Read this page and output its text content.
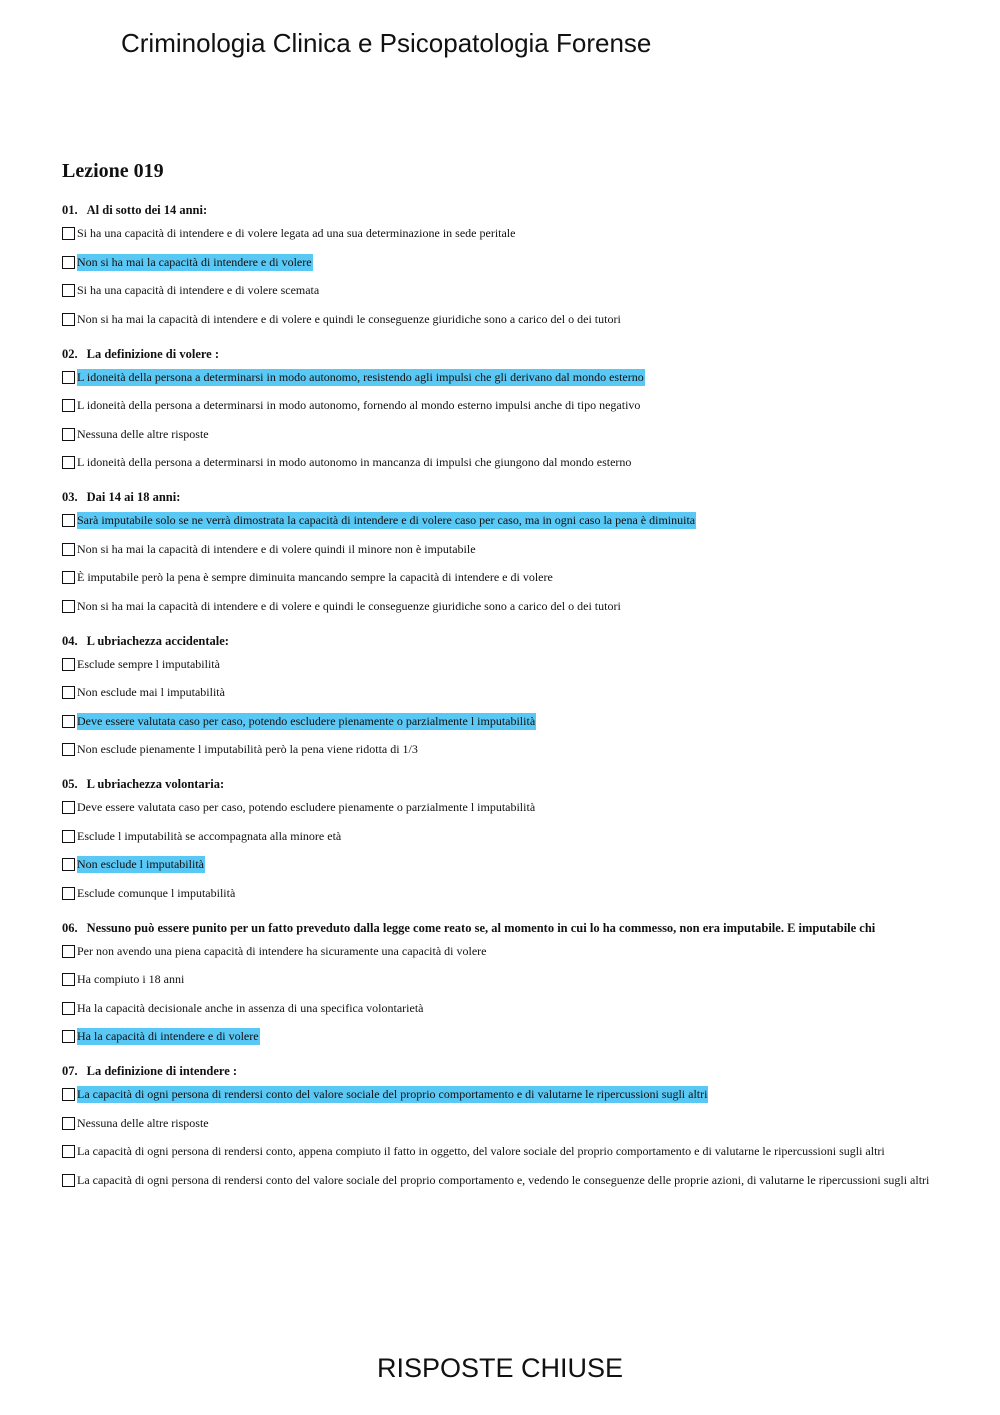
Criminologia Clinica e Psicopatologia Forense
Lezione 019
01. Al di sotto dei 14 anni:
Si ha una capacità di intendere e di volere legata ad una sua determinazione in sede peritale
Non si ha mai la capacità di intendere e di volere
Si ha una capacità di intendere e di volere scemata
Non si ha mai la capacità di intendere e di volere e quindi le conseguenze giuridiche sono a carico del o dei tutori
02. La definizione di volere :
L idoneità della persona a determinarsi in modo autonomo, resistendo agli impulsi che gli derivano dal mondo esterno
L idoneità della persona a determinarsi in modo autonomo, fornendo al mondo esterno impulsi anche di tipo negativo
Nessuna delle altre risposte
L idoneità della persona a determinarsi in modo autonomo in mancanza di impulsi che giungono dal mondo esterno
03. Dai 14 ai 18 anni:
Sarà imputabile solo se ne verrà dimostrata la capacità di intendere e di volere caso per caso, ma in ogni caso la pena è diminuita
Non si ha mai la capacità di intendere e di volere quindi il minore non è imputabile
È imputabile però la pena è sempre diminuita mancando sempre la capacità di intendere e di volere
Non si ha mai la capacità di intendere e di volere e quindi le conseguenze giuridiche sono a carico del o dei tutori
04. L ubriachezza accidentale:
Esclude sempre l imputabilità
Non esclude mai l imputabilità
Deve essere valutata caso per caso, potendo escludere pienamente o parzialmente l imputabilità
Non esclude pienamente l imputabilità però la pena viene ridotta di 1/3
05. L ubriachezza volontaria:
Deve essere valutata caso per caso, potendo escludere pienamente o parzialmente l imputabilità
Esclude l imputabilità se accompagnata alla minore età
Non esclude l imputabilità
Esclude comunque l imputabilità
06. Nessuno può essere punito per un fatto preveduto dalla legge come reato se, al momento in cui lo ha commesso, non era imputabile. E imputabile chi
Per non avendo una piena capacità di intendere ha sicuramente una capacità di volere
Ha compiuto i 18 anni
Ha la capacità decisionale anche in assenza di una specifica volontarietà
Ha la capacità di intendere e di volere
07. La definizione di intendere :
La capacità di ogni persona di rendersi conto del valore sociale del proprio comportamento e di valutarne le ripercussioni sugli altri
Nessuna delle altre risposte
La capacità di ogni persona di rendersi conto, appena compiuto il fatto in oggetto, del valore sociale del proprio comportamento e di valutarne le ripercussioni sugli altri
La capacità di ogni persona di rendersi conto del valore sociale del proprio comportamento e, vedendo le conseguenze delle proprie azioni, di valutarne le ripercussioni sugli altri
RISPOSTE CHIUSE
